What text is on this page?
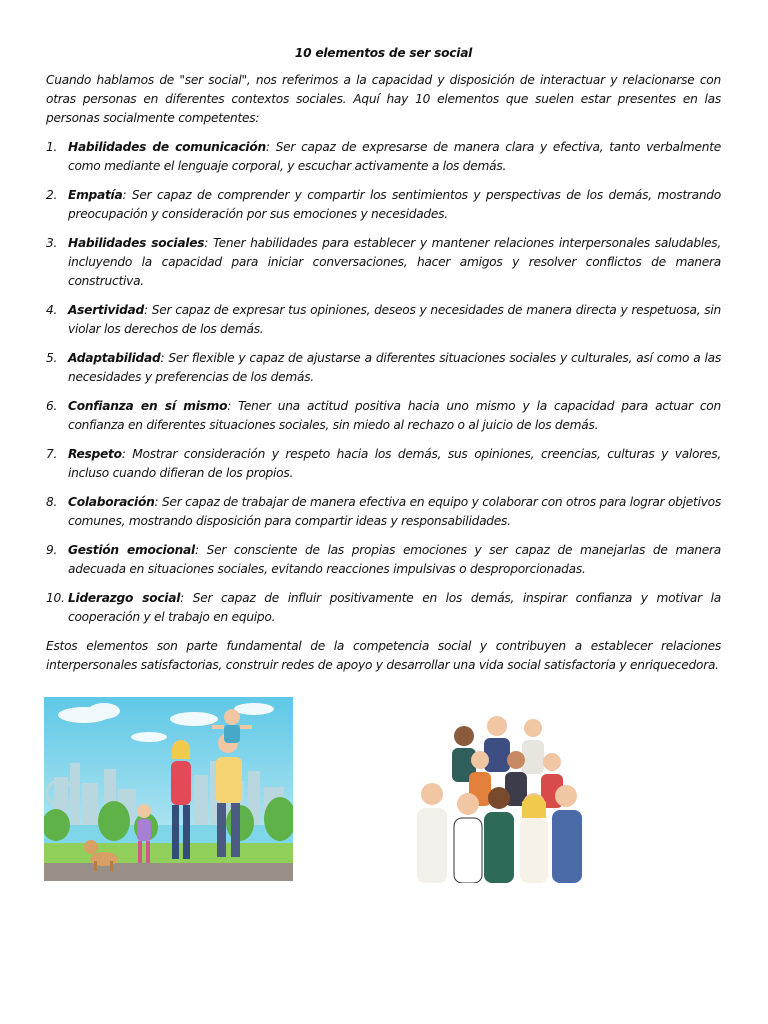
10 elementos de ser social

Cuando hablamos de "ser social", nos referimos a la capacidad y disposición de interactuar y relacionarse con otras personas en diferentes contextos sociales. Aquí hay 10 elementos que suelen estar presentes en las personas socialmente competentes:

1. Habilidades de comunicación: Ser capaz de expresarse de manera clara y efectiva, tanto verbalmente como mediante el lenguaje corporal, y escuchar activamente a los demás.
2. Empatía: Ser capaz de comprender y compartir los sentimientos y perspectivas de los demás, mostrando preocupación y consideración por sus emociones y necesidades.
3. Habilidades sociales: Tener habilidades para establecer y mantener relaciones interpersonales saludables, incluyendo la capacidad para iniciar conversaciones, hacer amigos y resolver conflictos de manera constructiva.
4. Asertividad: Ser capaz de expresar tus opiniones, deseos y necesidades de manera directa y respetuosa, sin violar los derechos de los demás.
5. Adaptabilidad: Ser flexible y capaz de ajustarse a diferentes situaciones sociales y culturales, así como a las necesidades y preferencias de los demás.
6. Confianza en sí mismo: Tener una actitud positiva hacia uno mismo y la capacidad para actuar con confianza en diferentes situaciones sociales, sin miedo al rechazo o al juicio de los demás.
7. Respeto: Mostrar consideración y respeto hacia los demás, sus opiniones, creencias, culturas y valores, incluso cuando difieran de los propios.
8. Colaboración: Ser capaz de trabajar de manera efectiva en equipo y colaborar con otros para lograr objetivos comunes, mostrando disposición para compartir ideas y responsabilidades.
9. Gestión emocional: Ser consciente de las propias emociones y ser capaz de manejarlas de manera adecuada en situaciones sociales, evitando reacciones impulsivas o desproporcionadas.
10. Liderazgo social: Ser capaz de influir positivamente en los demás, inspirar confianza y motivar la cooperación y el trabajo en equipo.

Estos elementos son parte fundamental de la competencia social y contribuyen a establecer relaciones interpersonales satisfactorias, construir redes de apoyo y desarrollar una vida social satisfactoria y enriquecedora.
